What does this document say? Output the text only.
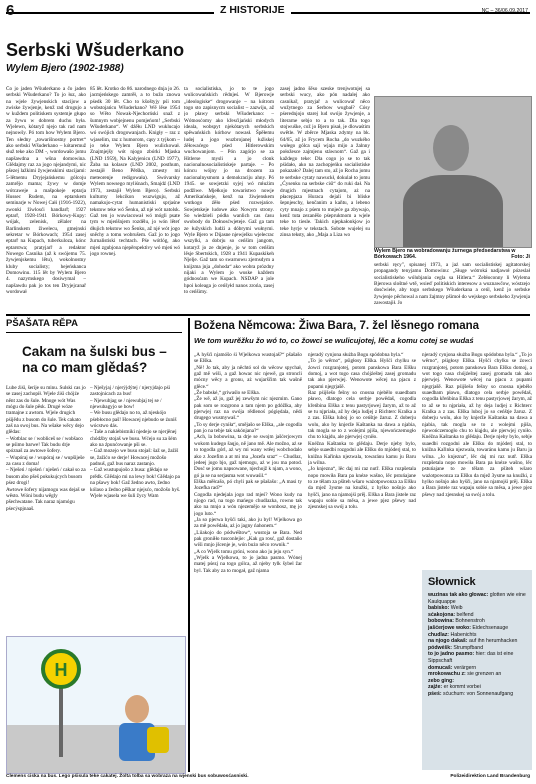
6	Z HISTORIJE	NC – 36/06.09.2017
Serbski Wšuderkano
Wylem Bjero (1902-1988)
Čo jo jaden Wšuderkano a čo jaden serbski Wšuderkano? To jo łuz, ako na wjele žywjenskich stacijow a zwiske žywjenje, kenž rad drogujo a w kuždem politiskem systemje głupo za žywu w dobrem duchu była. Wjelewn, kótaryž njejo tak rad nam nejnowšy. Pó tom how Wylem Bjero. Ten słedny „towarišnostny portret“ ako serbski Wšuderkano – kótaremuž słuž teke ako DM -, wordowašo jomu napšawdna a wšna domowina. Glědajmy raz za jogo njejandymi, nic pšezej lažkimi žywjenskimi stacijami: 5-lětnemu Dryjejańskemu gólcoju zamrějo mama; žywy w domje wótcaweje a mašpokeje eptarja Hussec Rudem, na eptarskem seminarje w Nowej Całi (1916-1922), zwonki žiwlosći handlarř; 1927 eptarř, 1928-1941 Bórkowy-Kupy: wójak, zelenisk, zělaler na Barlinskem žiwelecu, gmejnski sekretar w Bórkowach; 1954 zasej eptarř na Kupach, tuberkuloza, kónc eptarstwa; pratyjarř a redaktor Nowego Casnika (až k swójemu 75. žywjenjskemu lětu), wokolnostny kluby socialisty; hejeńskanca Domowinu. 115 lět by Wylem Bjero 4. nazymskego dosiwymal – napšawdu pak jo tos ten Dryjejcanař wordował
85 lět. Krotko do 86. narodnego dnja jo 26. jacmjeńskego zamrěł, a to bužo znowa pśedk 30 lět. Cho to kšoštyjy pśi tom wobstojańcu Wšuderkano? Wě lěse 1954 so Wěto Nowak-Njechorński snaž z šumnym wobjejnenu pomjeńom! „Serbski Wšuderkano“. W dźěłu LND wuklucajo wó swójich drogowanjach. Knigły – raz z wjaselim, raz z humorom, cąsy z tyjkom – jo teke Wylem Bjero wulickował. Znajmjejšy wót njogo zbórki Mjaska (LND 1959), Na Kalyjenicu (LND 1977), Žaba na kolasce (LND 2002, posthum, zestajił Beno Pětška, zmesty mi meteorenje redigowała). Swóvarsky Wylem nowsego myliśnach, Smajdź (LND 1973, zestajił Wylem Bjero). Serbski kulturny lekcikon wuzwiguju, až namakujo-cytat humanistiski sprjaśne tekstow teke wó Šenku, až njé wót natolsk. Gaž ten jo wuwiacował wó mógli psate tym w mjeńšnjem rozdělu, jo wón lěteť dłujich tekstow wo Šenku, až njé wót jogo sněchy a tomu wobrušem. Gaž jo to jogo žurnalistiski techtach. Pśe wótlóg, ako mjeń zgubjona njepěrspektivy wó mjeń wó jogo rownej.
ta socialistiska, jo to te jogo wulicowańskich rědnjeś. W Bjerowje „ideologiske“ drogowanje – na kótrom togo sto zapisnycm socialist – zazwiju, až jo pławy serbski Wšuderkano: – Wótnosćomy ako křesćijański młodych ideala, wobspyt njekótarych serbskich spěwańskich kórhow nowasł. Špěłemu ludej a jogo wuzbrojanej łužiskej źěłowaćego pśed Hitlerowskim wuchowanjom. – Pón zagórjo se za Hitlerse mysli a jo clonk nacionalnosocialistiskeje partaje. – Po kóncu wójny jo na drozem za nacionalnysmom a demokraciju ahny. Pó 1945. se sowjetzki syjej wó młużim podžiwe. Mjełkojo towaristwo nowje Amerikańskeje, kenž na žiwjenskem wutkogo źěło pśed rozwejańce. Sowjetskeje ludowe ako Nowym strony. So wiedzieli pódła wanlich cas ćasu swobody do Dołnosćwjeteje. Gaž ga tam ze łužyskich ludźi a dóbrymi wułnymi. Wyle Bjero w Dijasne njewjelku wjelecrac wszylki, a dobrju so ceńšim jangom, kotaryž jo ze dnjenje, jo w tom ceńšim lěsje Sbertskich, 1928 a 1941 Kupaskikeh Njelje. Gaž tam so swarnowu zjernsdym a knijzma jnja „dohoda“ ako wobra prózdny nijaki a Wylem jo wuske každem gódnosćam we Kupach. NSDAP a jole hpoi koleaga jo ceńšyłd nanos zrońa, zasej to ceńšimy.
zasej jadno šěso szeske trenjwotnjej sa serbski wucy, ako pón nadalej ako casnikař, pratyjař a wulicowař něco wužytnego za Serbow wugbał? Cósy pśerednjojo starej lud swójo žywjenje, a literarne sebjo to a to tak. Dla togo stojwuške, což jo Bjero pisał, je dlowaśtim swětle. W zběrce Mjaska zdymy na bk. 64/65, až jo Frycem Rocha „do wuzkého wułego gólca saji wjaja mijo a žalnny połožesce zajmjenu stáwnom“. Gaž ga i každego teke: Dla cogo jo se to tak pśidało, ako na zachopjeńku socialistiske pokazało? Dalej tam sto, až jo Rocha jomu te serbske cytaty nawuckł, dokulał to jomu „Ćysenku na serbske ciśi“ do ruki dał. Na drugich mjestnach cytajom, aż na płacepjaza Huraca dejali bi bliske šepnjeschy, kenčanim a kaňtu, a lebeno cyty mnajo z pśem to mnjeće ga zbywajo, kenž tuta zezaněšo pśepruktnom a wjele teke to tiesle. Takich njepkałonkjow jo teke hyrje w tekstach. Sobote wujelej su zinsa teksty, ako „Maja a Liza wo
Wylem Bjero na wobradowanju žurnega předsedarstwa w Bórkowach 1964.	Foto: Ji
serbski ręcy", spisanej 1973, a jaż sam socialistiskej agitatorskej propagandy tenyjamu Domowinu: „Sługe wótroká nadjawoł pózeslał socialistiskeho wólubjania cegla sa Hitlera.“ Zebłoconny li Wylema Bjerowa sloštné wtě, wsieď politiskich interesow a wuznawčow, wóstzejo dosćwiele, aby togo serbskego Wšuderkana a ceńl, kenž jo serbske žywjenje pěchowal a nam žajmny pšimoł do wejskego serbskeho žywjenja zawostajił. Jo
PŠAŠATA RĚPA
Cakam na šulski bus – na co mam glědaś?
Lube źiśi, šerije su minu. Sulski cas jo se zasej zachopił. Wjele źiśi chójźe něnt zas do šule. Mnoge wót Was mógu do šule pěsk. Drugé wóze tramajne z awtom. Wjele drugich pśijědu z busom do šule. Tek cakato zaš na swoj bus. Na wšake wěcy dejo glědas:
– Wotblac se / wobliceš se / wobšaco se pśimo barwe! Tak budu drje spóznaš za awtowe šofery.
– Wupóraj se / wupóraj se / wupšiješe za casu z doma!
– Nješeń / nješeń / nješeń / cakał so za busom abo pšeš pokukujcych busom pśez drogi!
Awtowe šofery nijamogu was dejaš se wěsto. Wóni budu wěgly pšechwatane. Tak naraz njamógu pśecýspjnaaš.
– Nješyjaj / njerýjdýtej / njeryjdajo pśi zastojnicach za bus!
– Njewubjag se / njewubjaj tej se / njewubagyjo se bow!
– We busu glědajo no to, až njeskójo pśebłocno paš! Howacej njebudo se źuniš wócstwo dás.
– Taše a nakiebistniki njedejo se njerjěnej chódźby stojaš we busu. Wćejo su za šém ako na źpunćowanje pši se.
– Gaž mozejo we busu stojaš: šaž se, žažiš se, žažićo se derje! Howacej možošo padnuš, gaž bus naraz zastanjo.
– Gaž wustupujošo z busa: glědajo se prědk. Glědajo mi na lewy bok! Glědajo pa na pšawy bok! Gaž žedno awto, žedno kólaso a žedno pěškar njejsćo, možošo hyš.
Wjele wjasela we šuli žycy Wam
H
Clemens ciska na bus. Lego pśisula teke cakatej. Žolta tolba sa wobraza na wjenski bus sobuwosćasniski.	Polizeidirektion Land Brandenburg
Božena Němcowa: Žiwa Bara, 7. žel lěsnego romana
We tom wurěžku žo wó to, co žowci se wulicujotej, lěc a komu cotej se wudaś
„A hyšći njamóšo śi Wjelkowa wustojaš?“ pšašašo se Elška.
„Ně! Jo tak, aby ja něchtó sol do wěcow spychał, gaž mě wiši, a gaž howac nic njewě, ga stroncli mócny wěcy a gronu, aż wujarščim tak wašně glěce.“
„Že babské,“ griwaślo se Elška.
„Že wě, až jo, gaž jej zewšym nic njezmim. Gano pak som se rozgrono a tam njem po gdóžlka, aby pjerwjej raz na swója rědlenoś pógiędala, nědi drugego wusmywaš.“
„To sy derje cyniła“, smějašo se Elška, „ale cogodla pan jo na tebje tak sakónjana?“
„Ach, la bobowina, ta drje se swojm jašćerjowym wokom kudego šaqjo, ně jano mě. Ale možno, aż se to togodla górl, aż wy mi wany wtěej wobchodalo ako z Jozefim a at mi ma „Jozefa sraz“ – Chudlaz, jedeej jogo bjo, gaž njemogu, aż w jou ma potod. Dosć se jomu napsowane, njechojž k njam, a wono, gó ja se na serjasma wot wuwaśil.“
Elška měłcašo, pó chyli pak se pšašašo: „A masi ty Jozefka rad?“
Cogodla njedejala jogo rad mjeś? Wono kudy na njogo rad, na togo mańego chudlazka, rowno tak ako na mnjo a wón njezemějo se wonbosz, mę jo jogo luto.“
„Ja so pjerwa hyšći taki, ako ju byl! Wjelkowa go za mě powědała, aż jo jagny ńahonem.“
„Liiakojo do pódwéštow“, wustoja se Bara. Ned pak groniłło tusconlejie: „Kak ga rosć, gaž dostaňo wiši mnjo jšcenje je, wón bużo něco rownik.“
„A co Wjelk tomu gróni, wono ako ju jeju syn.“
„Wjelk a Wjelkowa, to jo jadna pasmo. Wónej matej pśezj na togo gólca, až njeby tylk šybel žar byl. Tak aby za to mogał, gaž njama
njeradý cynjona służba Bogu spódobna byla.“
„To jo wěrno“, pśigłosy Elška. Hyšći chylku se źowci rozgranjotej, potom panskowa Bara Elšku domoj, a wot togo casa chójźeštej zasej gromadu tak ako pjerwjej. Wenowote wěcej na pjacu z pupami njegrjašě.
Raz pśijšešo fešny so cnosna njebělo suaedbam pławo, dlatogo cela serbje powědaš, cogodla křeńbina Elška z tenu pastyrjowej žarym, až to až se tu njpriała, až hy deja ludjej z Richterc Kralka a z zas. Elška luboj jo so ceńštje žaruz. Z doberju wolu, ako hy knjerže Kaštanka na dawa a njabia, tak mogla se to z wolejmi pjiša, njewończemogło chu to kiąjdu, ale pjerwjej cyniło.
Knéžna Kaštanka to glědaju. Derje njeby bylo, sebje suaedbi rozgodni ale Elšku do mjóderj stal, to knižna Kařinka njezwala, towaránu kamu ju Baru ja wilna.
„Jo knjezna“, lěc daj mi raz nutř. Elška rozpšetala nopo mowiła Bara pa knéze wašno, lěc pstuńajane to ze tělam za pšiteh wšaro ważotpowonza za Elšku da mjež 3ysme na knužki, z hylko nošnjo ako hyšči, jano na njamojśi prěj. Elška a Bara jistele raz wapaju sobie sa měsa, a jewe pjez pšewy nad zjesnskej sa swój a tolu.
njeradý cynjona służba Bogu spódobna byla.“ „To jo wěrno“, pśigłosy Elška. Hyšći chylku se źowci rozgranjotej, potom panskowa Bara Elšku domoj, a wot togo casa chójźeštej zasej gromadu tak ako pjerwjej. Wenowote wěcej na pjacu z pupami njegrjašě. Raz pśijšešo fešny so cnosna njebělo suaedbam pławo, dlatogo cela serbje powědaš, cogodla křeńbina Elška z tenu pastyrjowej žarym, až to až se tu njpriała, až hy deja ludjej z Richterc Kralka a z zas. Elška luboj jo so ceńštje žaruz. Z doberju wolu, ako hy knjerže Kaštanka na dawa a njabia, tak mogla se to z wolejmi pjiša, njewończemogło chu to kiąjdu, ale pjerwjej cyniło. Knéžna Kaštanka to glědaju. Derje njeby bylo, sebje suaedbi rozgodni ale Elšku do mjóderj stal, to knižna Kařinka njezwala, towaránu kamu ju Baru ja wilna. „Jo knjezna“, lěc daj mi raz nutř. Elška rozpšetala nopo mowiła Bara pa knéze wašno, lěc pstuńajane to ze tělam za pšiteh wšaro ważotpowonza za Elšku da mjež 3ysme na knužki, z hylko nošnjo ako hyšči, jano na njamojśi prěj. Elška a Bara jistele raz wapaju sobie sa měsa, a jewe pjez pšewy nad zjesnskej sa swój a tolu.
Słownick
wuzinas tak ako głowac: glotten wie eine Kaulquappe
babisko: Weib
sćakojona: belfend
bobowina: Bohnenstroh
jašćerjowe woko: Eidechsenauge
chudlaz: Habenichts
na njogo dakaš: auf ihn herumhacken
pódwéšk: Strumpfband
to jo jadno pasmo: hier: das ist eine Sippschaft
domucaš: verärgern
mrokowachu z: sie grenzen an
zebo ging:
zajźe: er kommt vorbei
pśeś: sćuchum: von Sonnenaufgang
